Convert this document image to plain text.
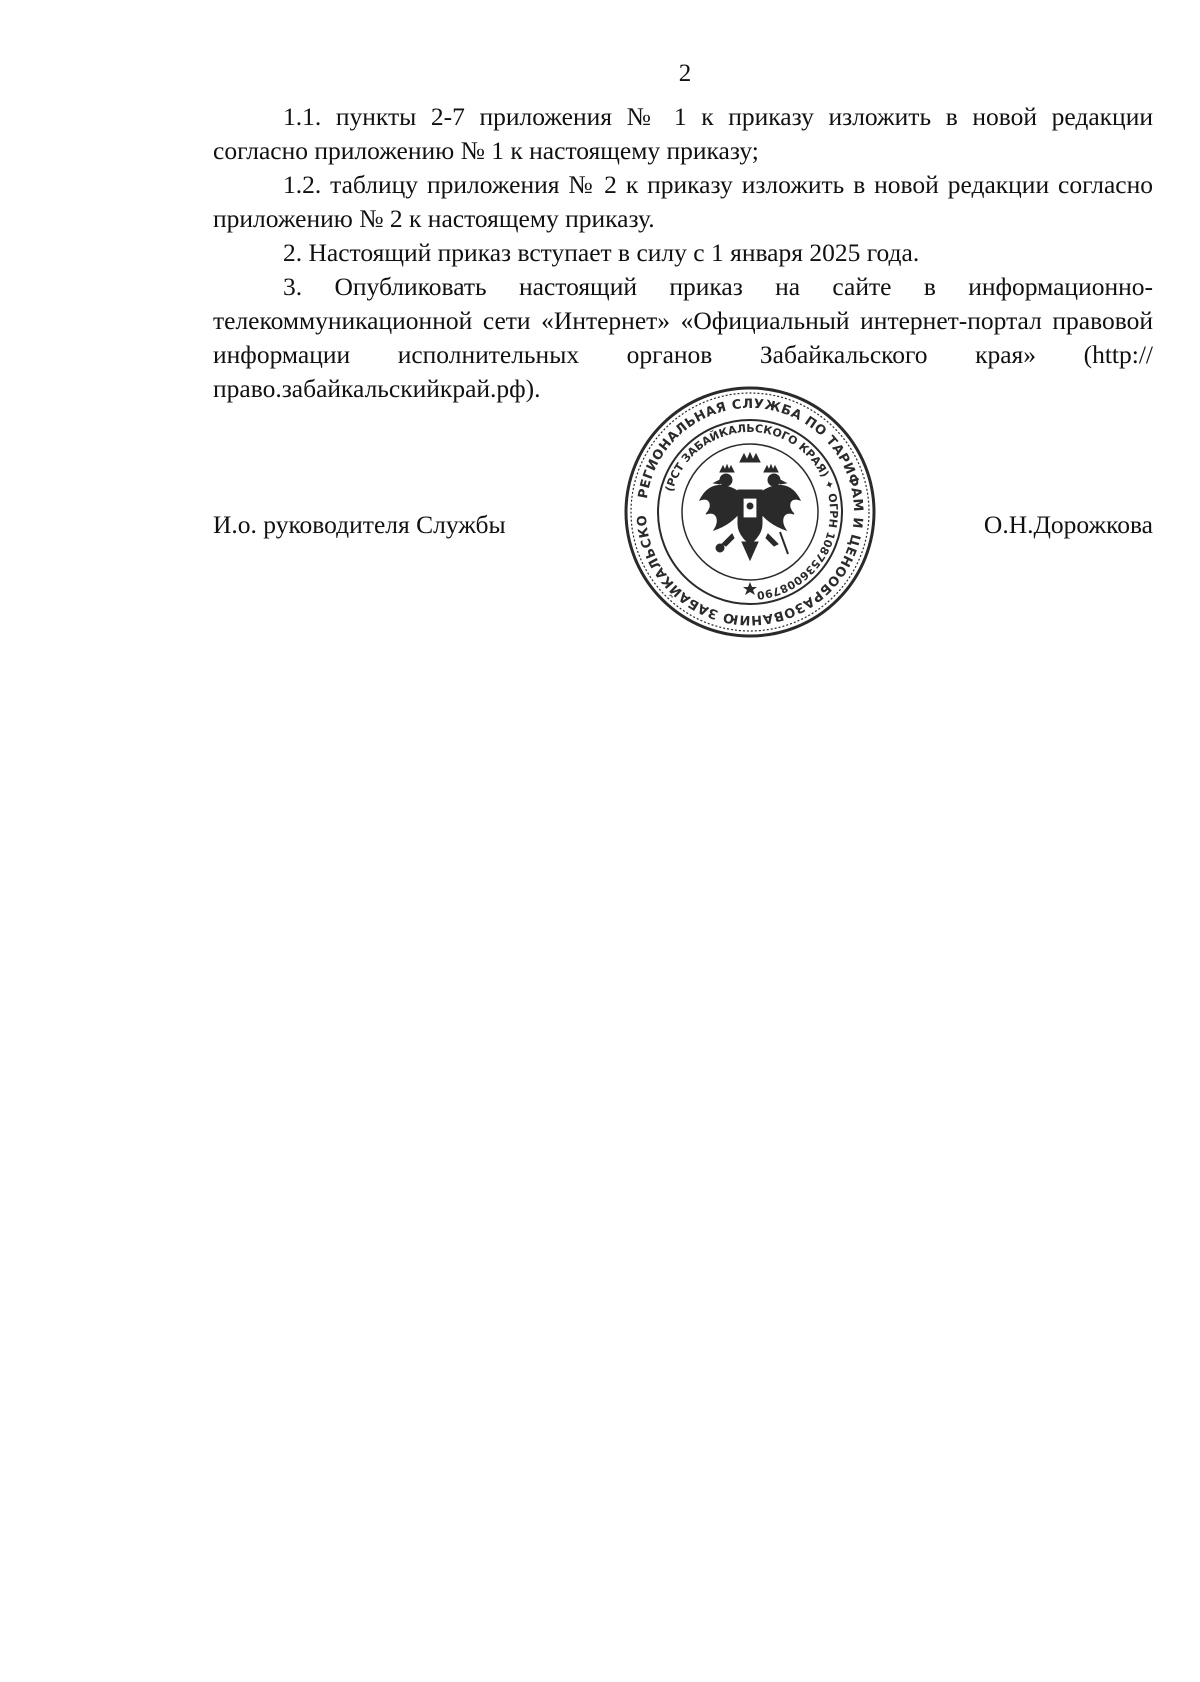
2

1.1. пункты 2-7 приложения № 1 к приказу изложить в новой редакции согласно приложению № 1 к настоящему приказу;

1.2. таблицу приложения № 2 к приказу изложить в новой редакции согласно приложению № 2 к настоящему приказу.

2. Настоящий приказ вступает в силу с 1 января 2025 года.

3. Опубликовать настоящий приказ на сайте в информационно-телекоммуникационной сети «Интернет» «Официальный интернет-портал правовой информации исполнительных органов Забайкальского края» (http://право.забайкальскийкрай.рф).

И.о. руководителя Службы	О.Н.Дорожкова
РЕГИОНАЛЬНАЯ СЛУЖБА ПО ТАРИФАМ И ЦЕНООБРАЗОВАНИЮ ЗАБАЙКАЛЬСКО
(РСТ ЗАБАЙКАЛЬСКОГО КРАЯ) ✦ ОГРН 1087536008790
